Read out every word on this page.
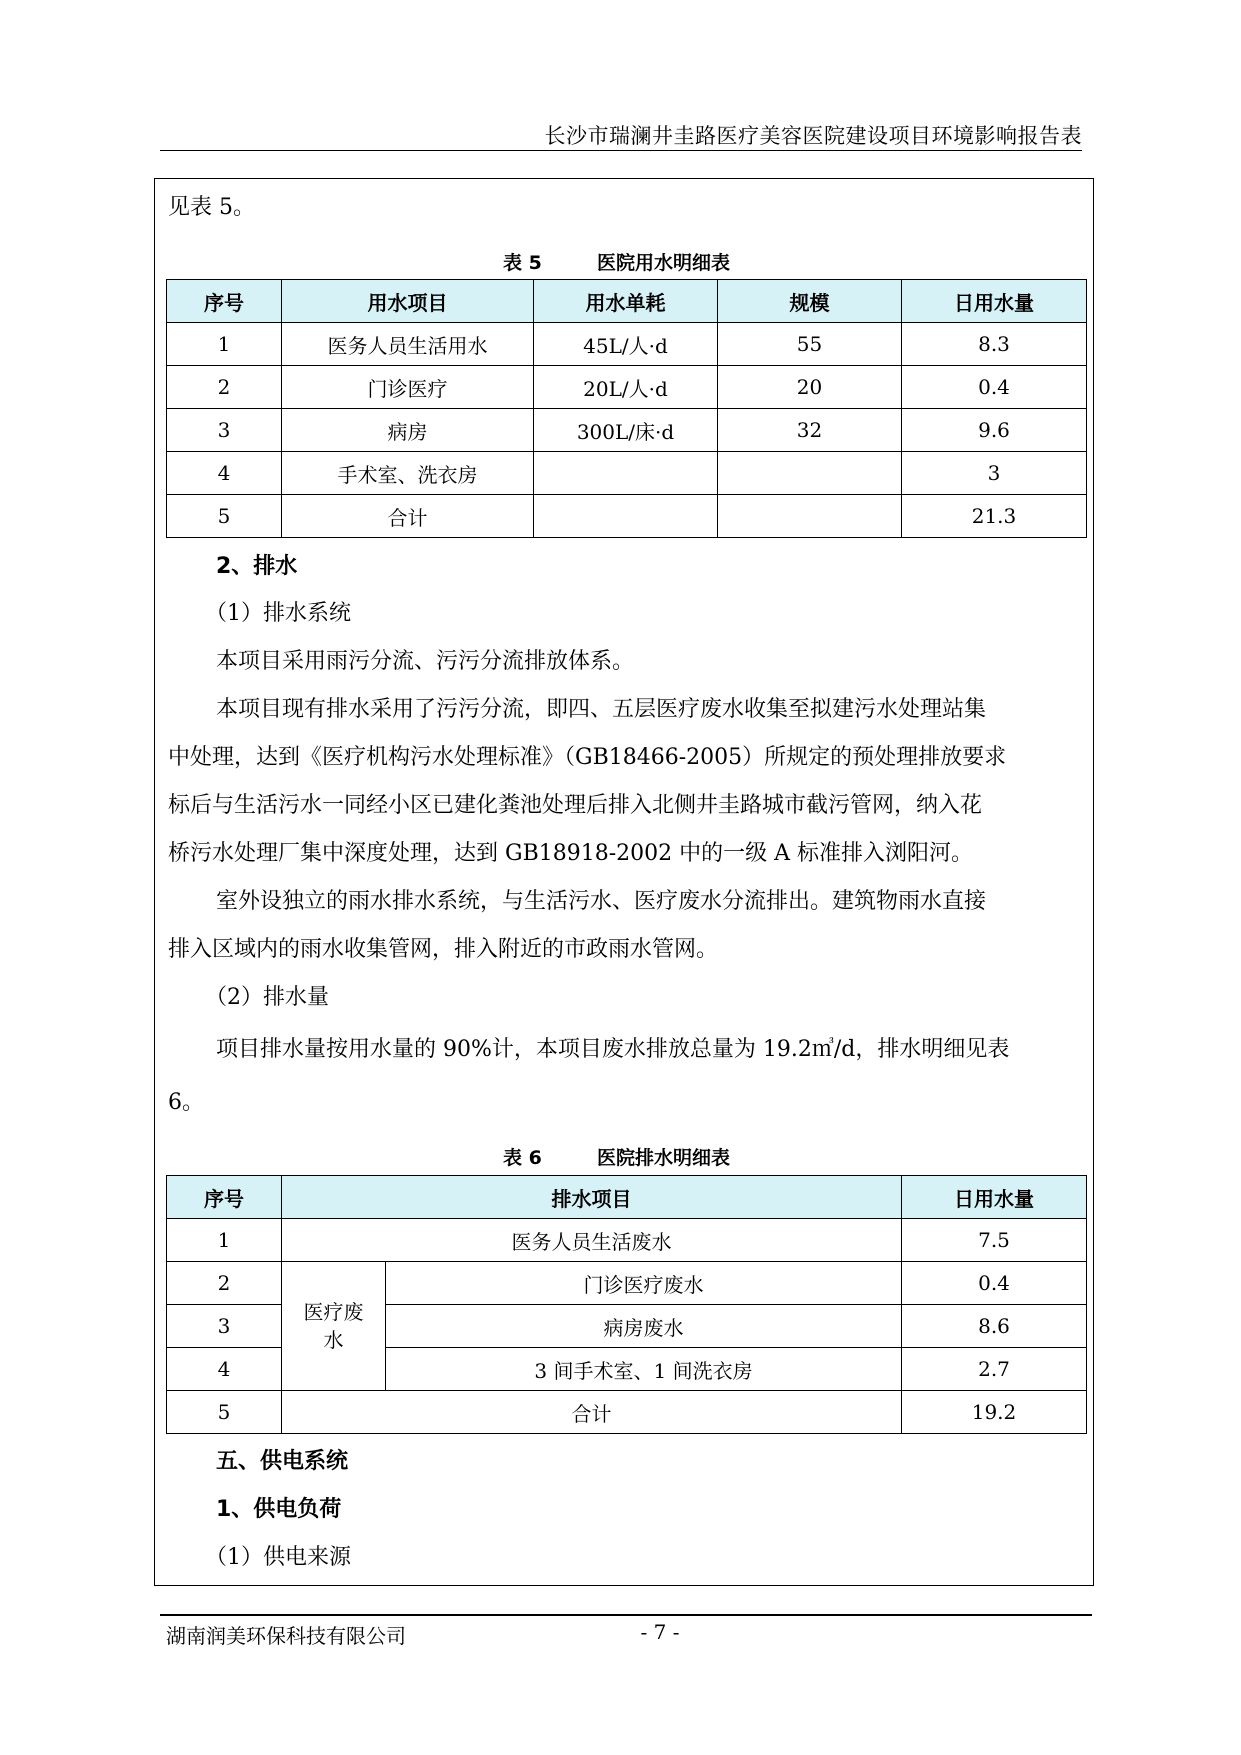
长沙市瑞澜井圭路医疗美容医院建设项目环境影响报告表
见表 5。
表 5	医院用水明细表
序号	用水项目	用水单耗	规模	日用水量
1	医务人员生活用水	45L/人·d	55	8.3
2	门诊医疗	20L/人·d	20	0.4
3	病房	300L/床·d	32	9.6
4	手术室、洗衣房			3
5	合计			21.3
2、排水
（1）排水系统
本项目采用雨污分流、污污分流排放体系。
本项目现有排水采用了污污分流，即四、五层医疗废水收集至拟建污水处理站集
中处理，达到《医疗机构污水处理标准》（GB18466-2005）所规定的预处理排放要求
标后与生活污水一同经小区已建化粪池处理后排入北侧井圭路城市截污管网，纳入花
桥污水处理厂集中深度处理，达到 GB18918-2002 中的一级 A 标准排入浏阳河。
室外设独立的雨水排水系统，与生活污水、医疗废水分流排出。建筑物雨水直接
排入区域内的雨水收集管网，排入附近的市政雨水管网。
（2）排水量
项目排水量按用水量的 90%计，本项目废水排放总量为 19.2㎥/d，排水明细见表
6。
表 6	医院排水明细表
序号	排水项目		日用水量
1	医务人员生活废水		7.5
2	医疗废水	门诊医疗废水	0.4
3		病房废水	8.6
4		3 间手术室、1 间洗衣房	2.7
5	合计		19.2
五、供电系统
1、供电负荷
（1）供电来源
湖南润美环保科技有限公司	- 7 -
